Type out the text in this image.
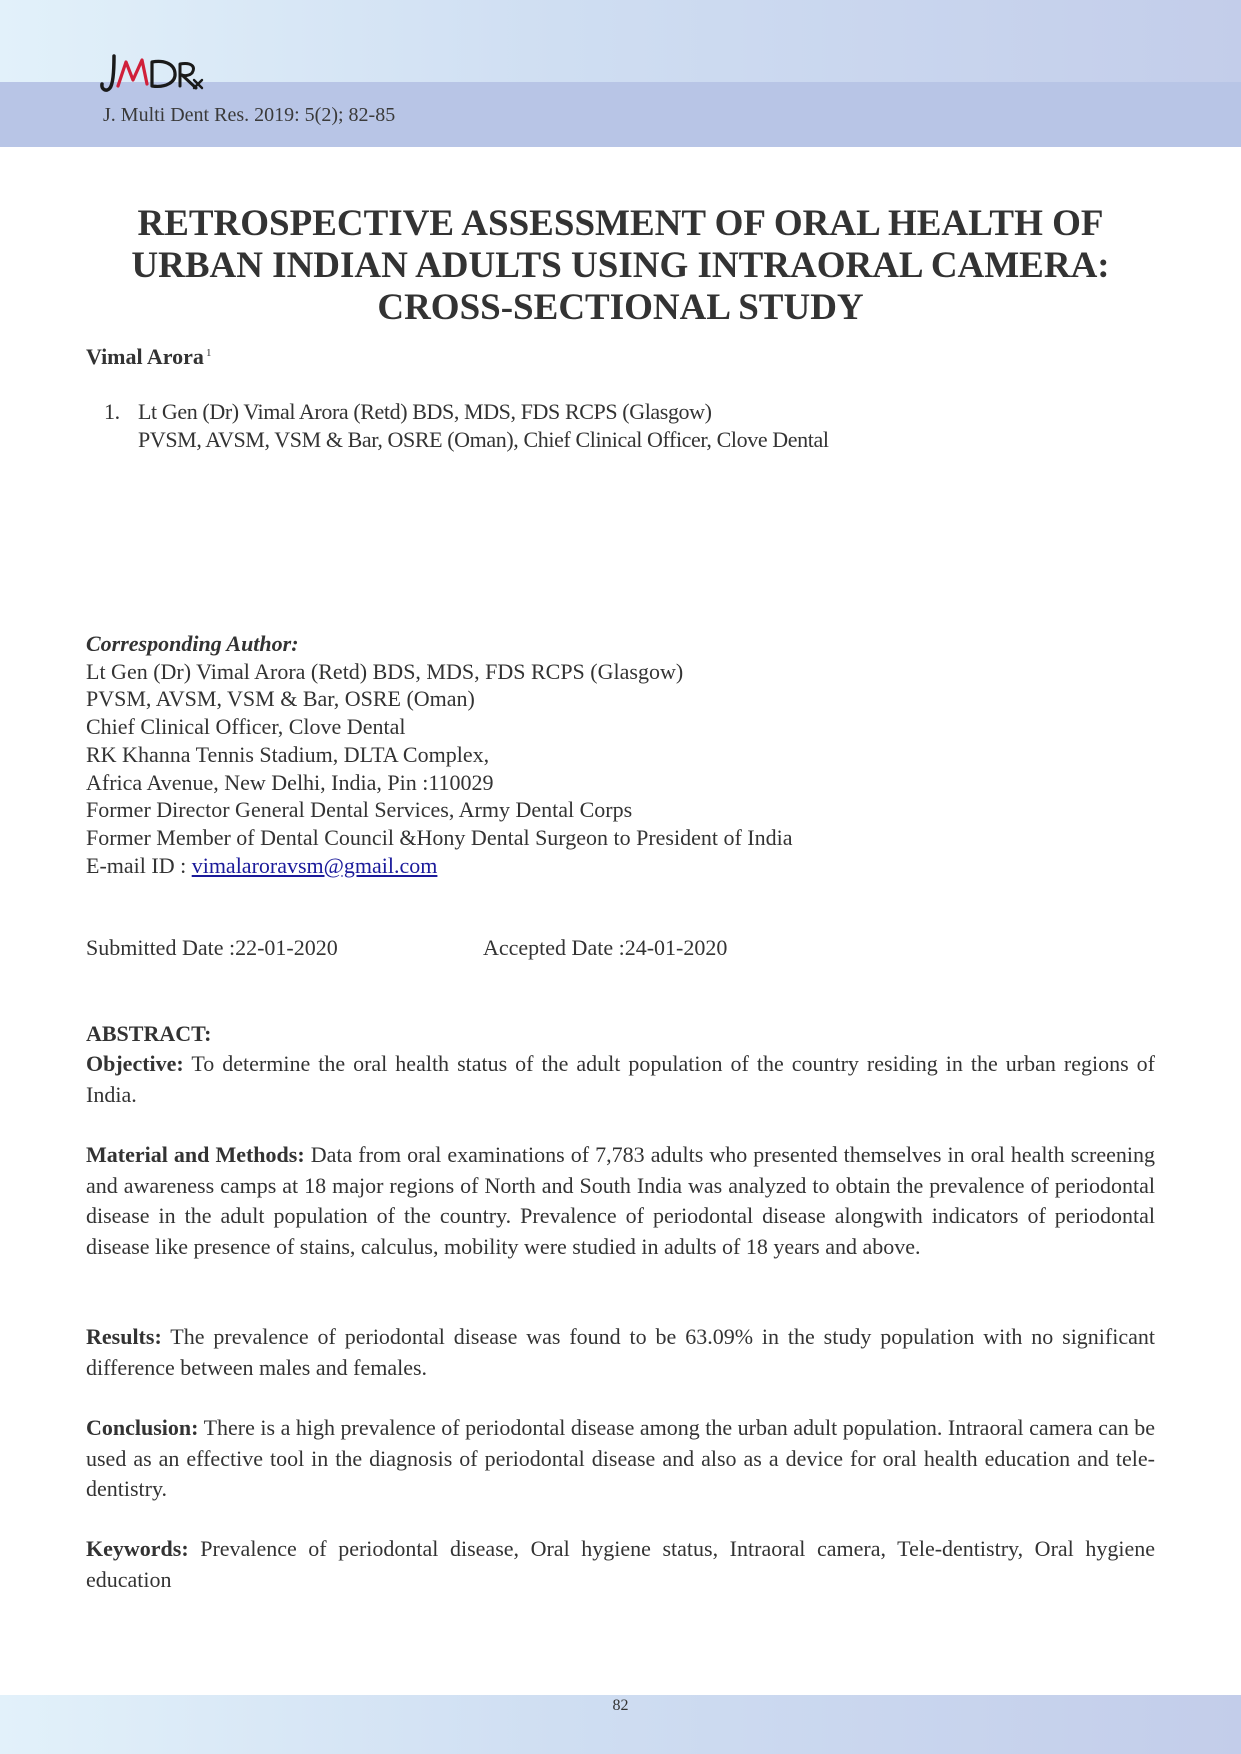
J. Multi Dent Res. 2019: 5(2); 82-85
RETROSPECTIVE ASSESSMENT OF ORAL HEALTH OF
URBAN INDIAN ADULTS USING INTRAORAL CAMERA:
CROSS-SECTIONAL STUDY
Vimal Arora $^1$
1. Lt Gen (Dr) Vimal Arora (Retd) BDS, MDS, FDS RCPS (Glasgow)
PVSM, AVSM, VSM & Bar, OSRE (Oman), Chief Clinical Officer, Clove Dental
Corresponding Author:
Lt Gen (Dr) Vimal Arora (Retd) BDS, MDS, FDS RCPS (Glasgow)
PVSM, AVSM, VSM & Bar, OSRE (Oman)
Chief Clinical Officer, Clove Dental
RK Khanna Tennis Stadium, DLTA Complex,
Africa Avenue, New Delhi, India, Pin :110029
Former Director General Dental Services, Army Dental Corps
Former Member of Dental Council &Hony Dental Surgeon to President of India
E-mail ID : vimalaroravsm@gmail.com
Submitted Date :22-01-2020	Accepted Date :24-01-2020
ABSTRACT:

Objective: To determine the oral health status of the adult population of the country residing in the urban regions of India.

Material and Methods: Data from oral examinations of 7,783 adults who presented themselves in oral health screening and awareness camps at 18 major regions of North and South India was analyzed to obtain the prevalence of periodontal disease in the adult population of the country. Prevalence of periodontal disease alongwith indicators of periodontal disease like presence of stains, calculus, mobility were studied in adults of 18 years and above.

Results: The prevalence of periodontal disease was found to be 63.09% in the study population with no significant difference between males and females.

Conclusion: There is a high prevalence of periodontal disease among the urban adult population. Intraoral camera can be used as an effective tool in the diagnosis of periodontal disease and also as a device for oral health education and tele-dentistry.

Keywords: Prevalence of periodontal disease, Oral hygiene status, Intraoral camera, Tele-dentistry, Oral hygiene education

82
